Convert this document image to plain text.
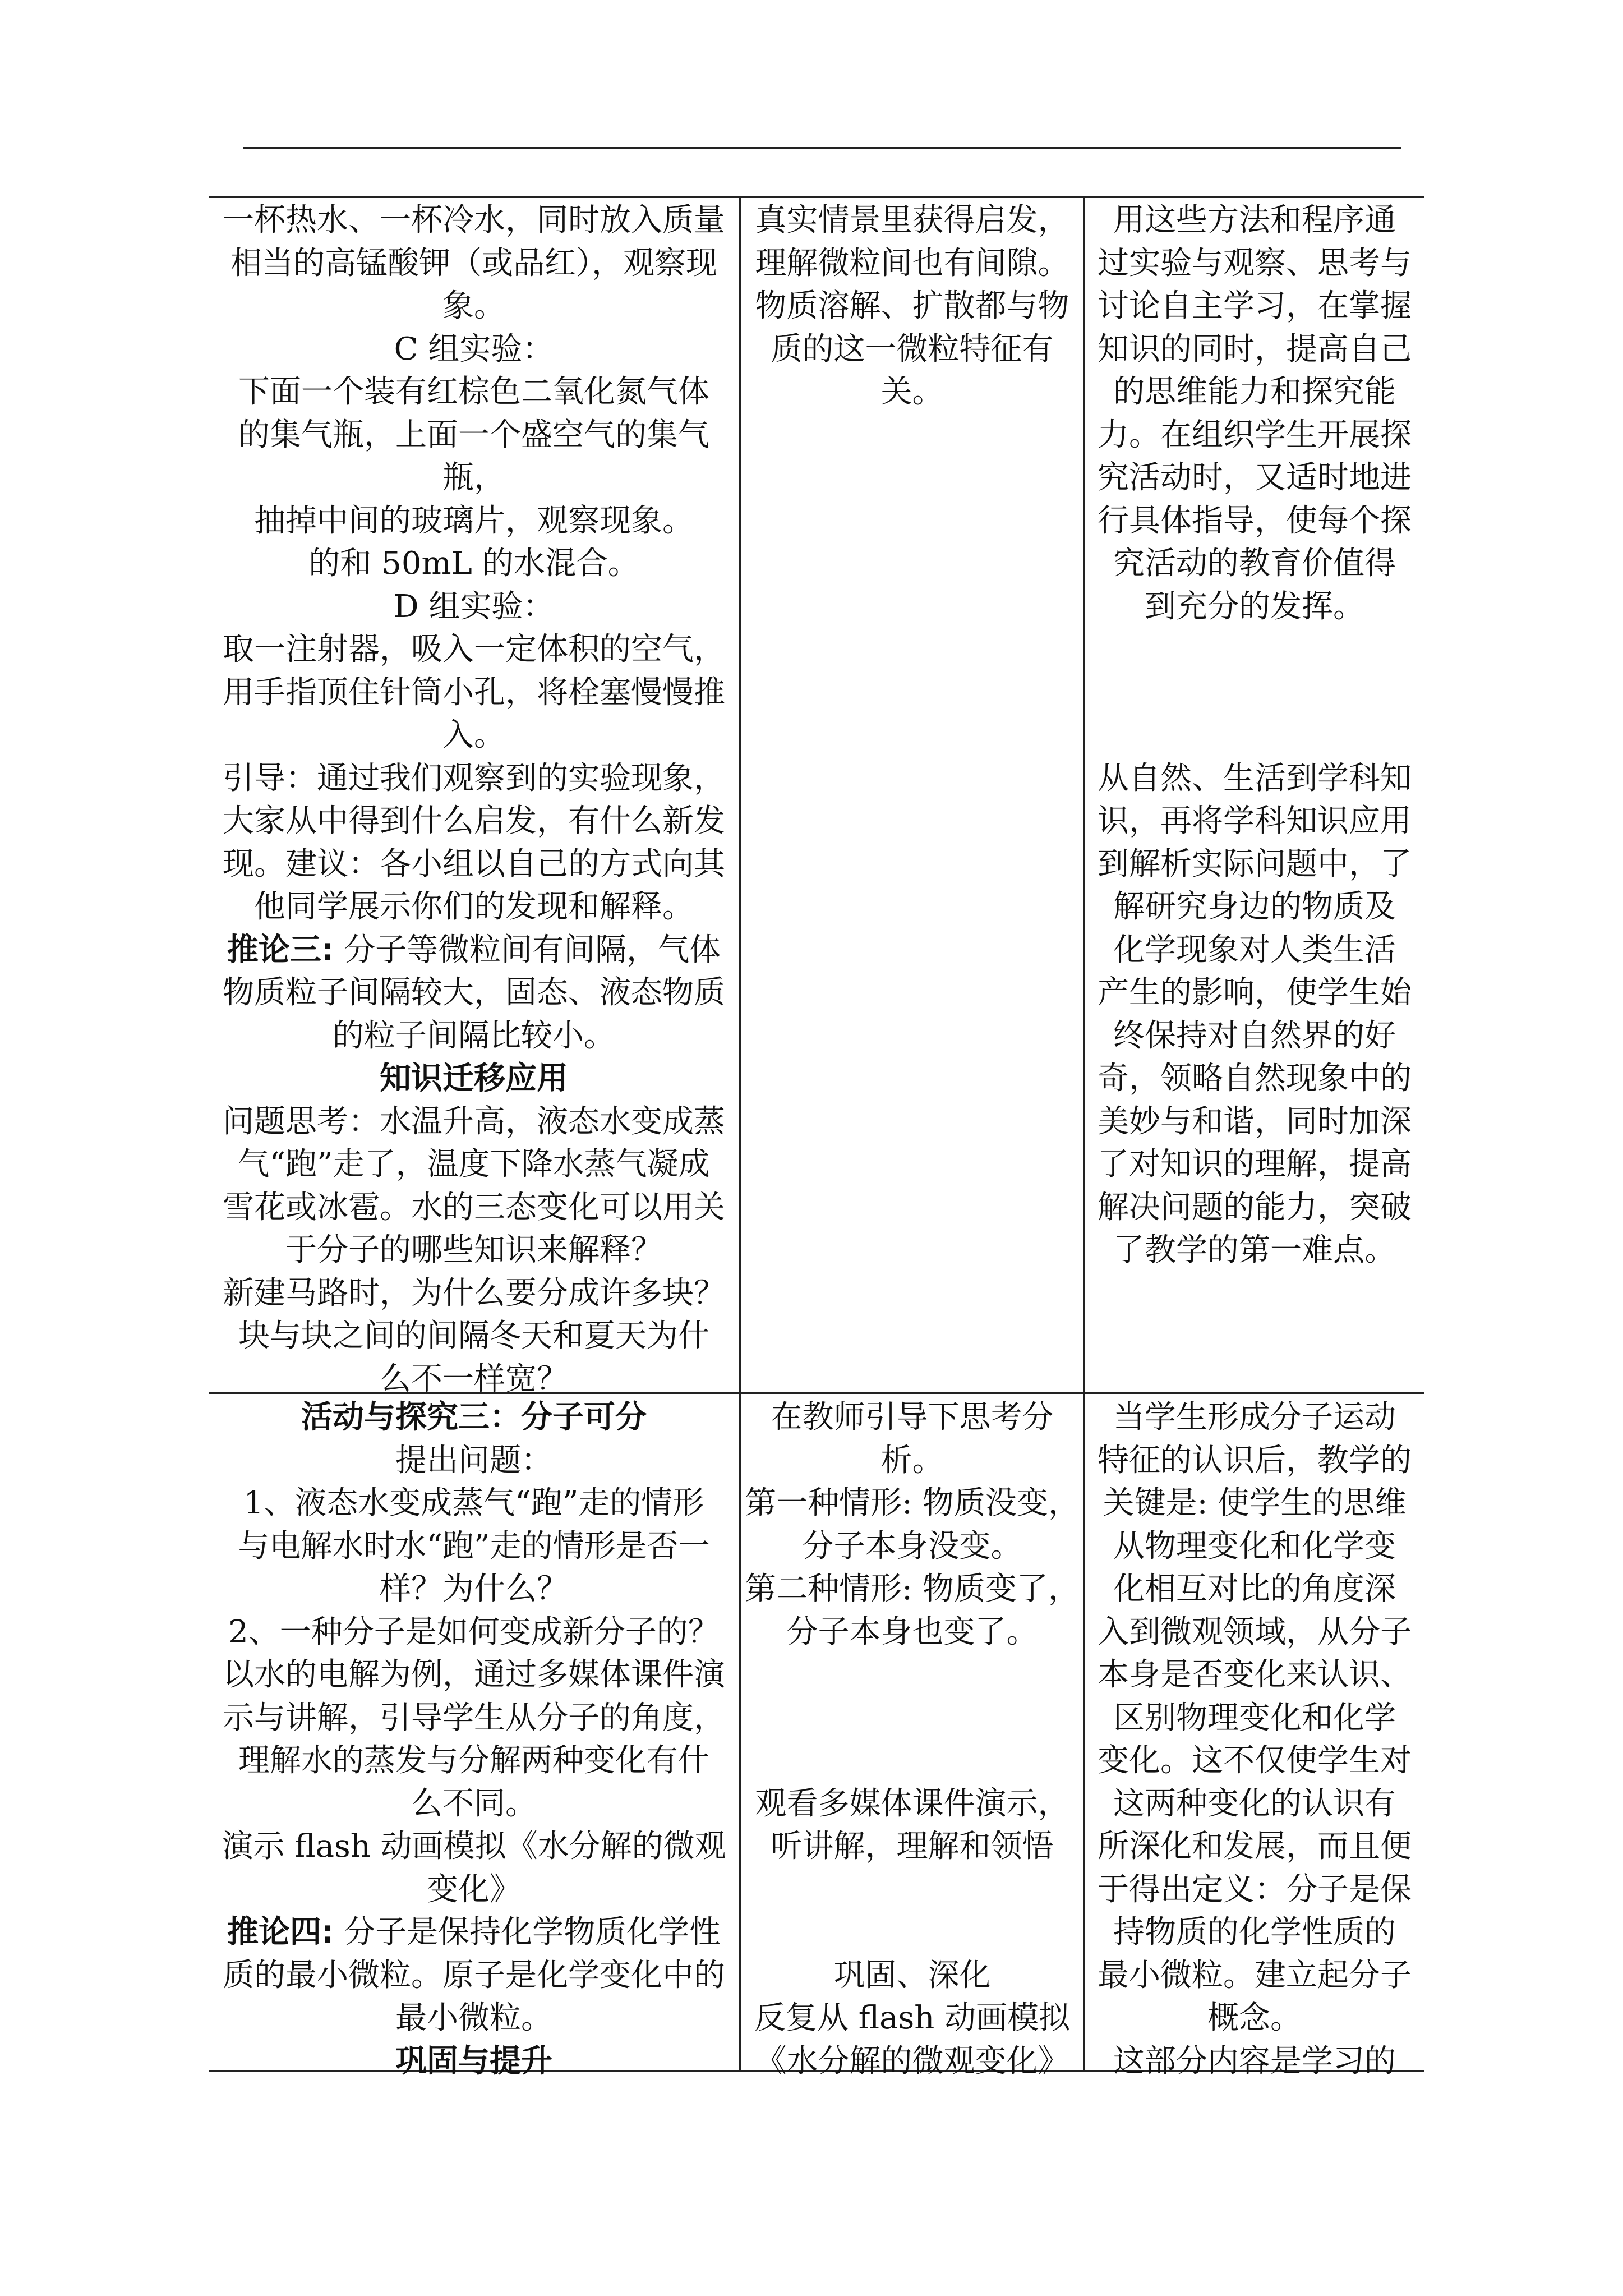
一杯热水、一杯冷水，同时放入质量
相当的高锰酸钾（或品红），观察现
象。
C 组实验：
下面一个装有红棕色二氧化氮气体
的集气瓶，上面一个盛空气的集气瓶，
抽掉中间的玻璃片，观察现象。
的和 50mL 的水混合。
D 组实验：
取一注射器，吸入一定体积的空气，
用手指顶住针筒小孔，将栓塞慢慢推
入。
引导：通过我们观察到的实验现象，
大家从中得到什么启发，有什么新发
现。建议：各小组以自己的方式向其
他同学展示你们的发现和解释。
推论三: 分子等微粒间有间隔，气体
物质粒子间隔较大，固态、液态物质
的粒子间隔比较小。
知识迁移应用
问题思考：水温升高，液态水变成蒸
气“跑”走了，温度下降水蒸气凝成
雪花或冰雹。水的三态变化可以用关
于分子的哪些知识来解释？
新建马路时，为什么要分成许多块？
块与块之间的间隔冬天和夏天为什
么不一样宽？
真实情景里获得启发，
理解微粒间也有间隙。
物质溶解、扩散都与物
质的这一微粒特征有
关。
用这些方法和程序通
过实验与观察、思考与
讨论自主学习，在掌握
知识的同时，提高自己
的思维能力和探究能
力。在组织学生开展探
究活动时，又适时地进
行具体指导，使每个探
究活动的教育价值得
到充分的发挥。
从自然、生活到学科知
识，再将学科知识应用
到解析实际问题中，了
解研究身边的物质及
化学现象对人类生活
产生的影响，使学生始
终保持对自然界的好
奇，领略自然现象中的
美妙与和谐，同时加深
了对知识的理解，提高
解决问题的能力，突破
了教学的第一难点。
活动与探究三：分子可分
提出问题：
1、液态水变成蒸气“跑”走的情形
与电解水时水“跑”走的情形是否一
样？为什么？
2、一种分子是如何变成新分子的？
以水的电解为例，通过多媒体课件演
示与讲解，引导学生从分子的角度，
理解水的蒸发与分解两种变化有什
么不同。
演示 flash 动画模拟《水分解的微观
变化》
推论四: 分子是保持化学物质化学性
质的最小微粒。原子是化学变化中的
最小微粒。
巩固与提升
在教师引导下思考分
析。
第一种情形: 物质没变，
分子本身没变。
第二种情形: 物质变了，
分子本身也变了。
观看多媒体课件演示，
听讲解，理解和领悟
巩固、深化
反复从 flash 动画模拟
《水分解的微观变化》
当学生形成分子运动
特征的认识后，教学的
关键是: 使学生的思维
从物理变化和化学变
化相互对比的角度深
入到微观领域，从分子
本身是否变化来认识、
区别物理变化和化学
变化。这不仅使学生对
这两种变化的认识有
所深化和发展，而且便
于得出定义：分子是保
持物质的化学性质的
最小微粒。建立起分子
概念。
这部分内容是学习的
